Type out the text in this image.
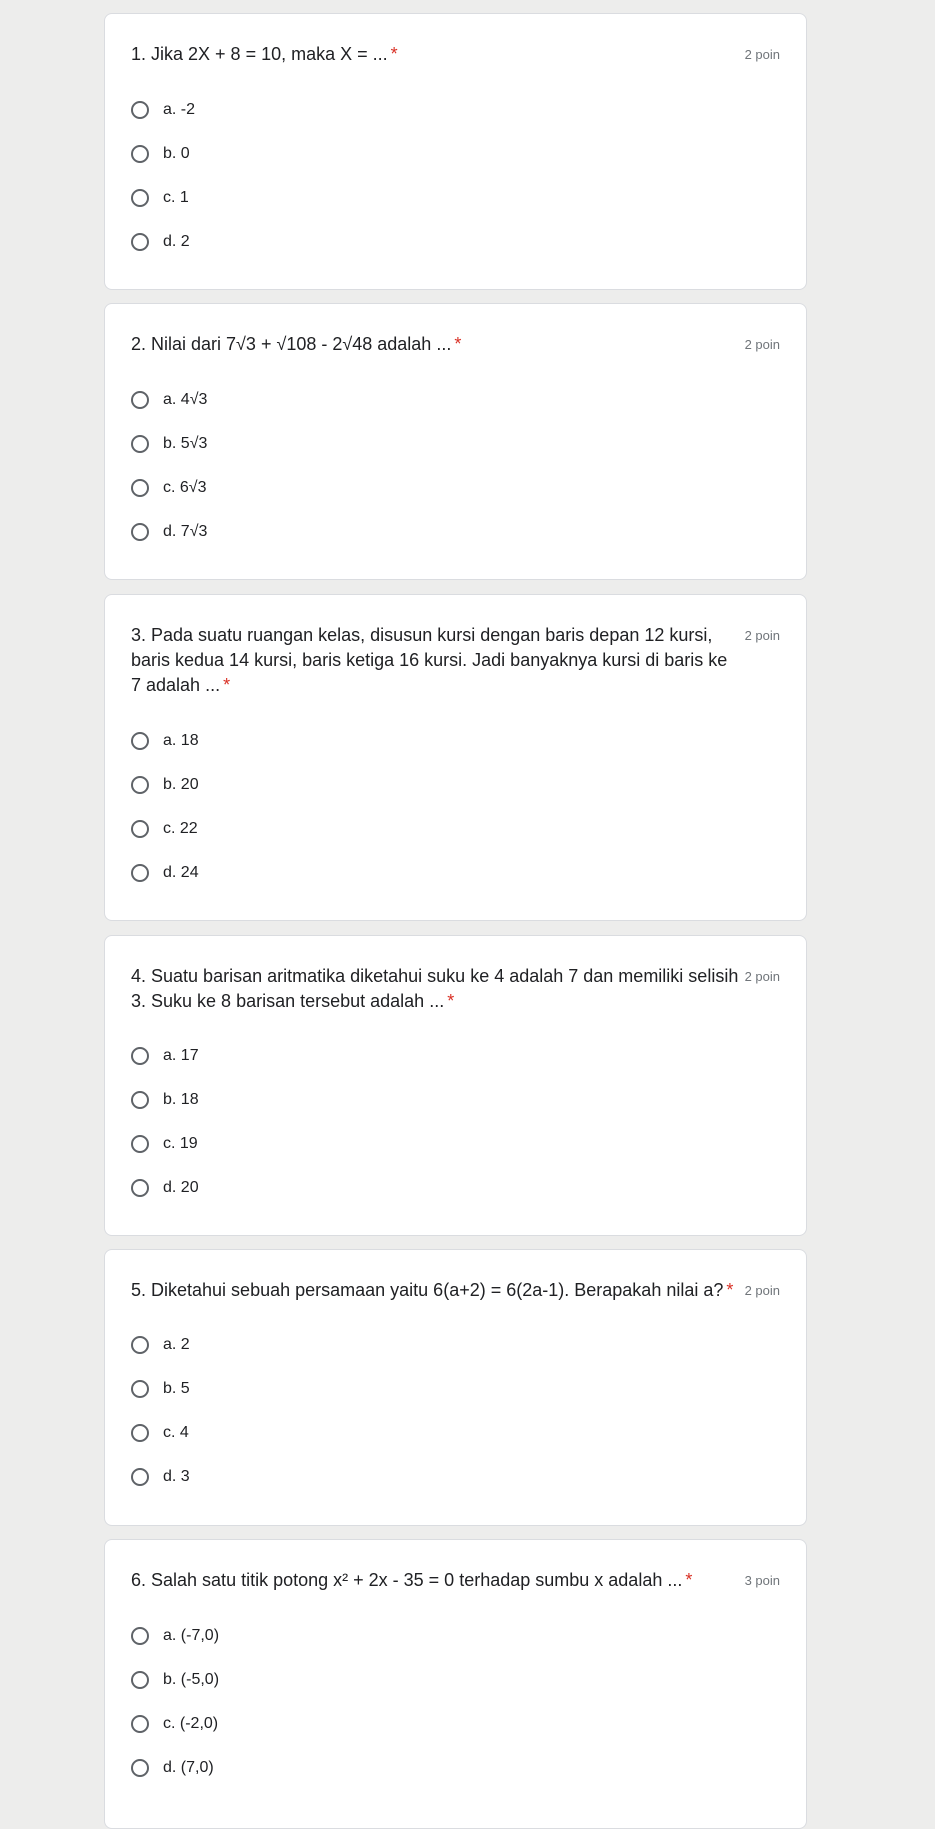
1. Jika 2X + 8 = 10, maka X = ... *	2 poin
a. -2
b. 0
c. 1
d. 2
2. Nilai dari 7√3 + √108 - 2√48 adalah ... *	2 poin
a. 4√3
b. 5√3
c. 6√3
d. 7√3
3. Pada suatu ruangan kelas, disusun kursi dengan baris depan 12 kursi, baris kedua 14 kursi, baris ketiga 16 kursi. Jadi banyaknya kursi di baris ke 7 adalah ... *
2 poin
a. 18
b. 20
c. 22
d. 24
4. Suatu barisan aritmatika diketahui suku ke 4 adalah 7 dan memiliki selisih 3. Suku ke 8 barisan tersebut adalah ... *
2 poin
a. 17
b. 18
c. 19
d. 20
5. Diketahui sebuah persamaan yaitu 6(a+2) = 6(2a-1). Berapakah nilai a? * 2 poin
a. 2
b. 5
c. 4
d. 3
6. Salah satu titik potong x² + 2x - 35 = 0 terhadap sumbu x adalah ... *	3 poin
a. (-7,0)
b. (-5,0)
c. (-2,0)
d. (7,0)
